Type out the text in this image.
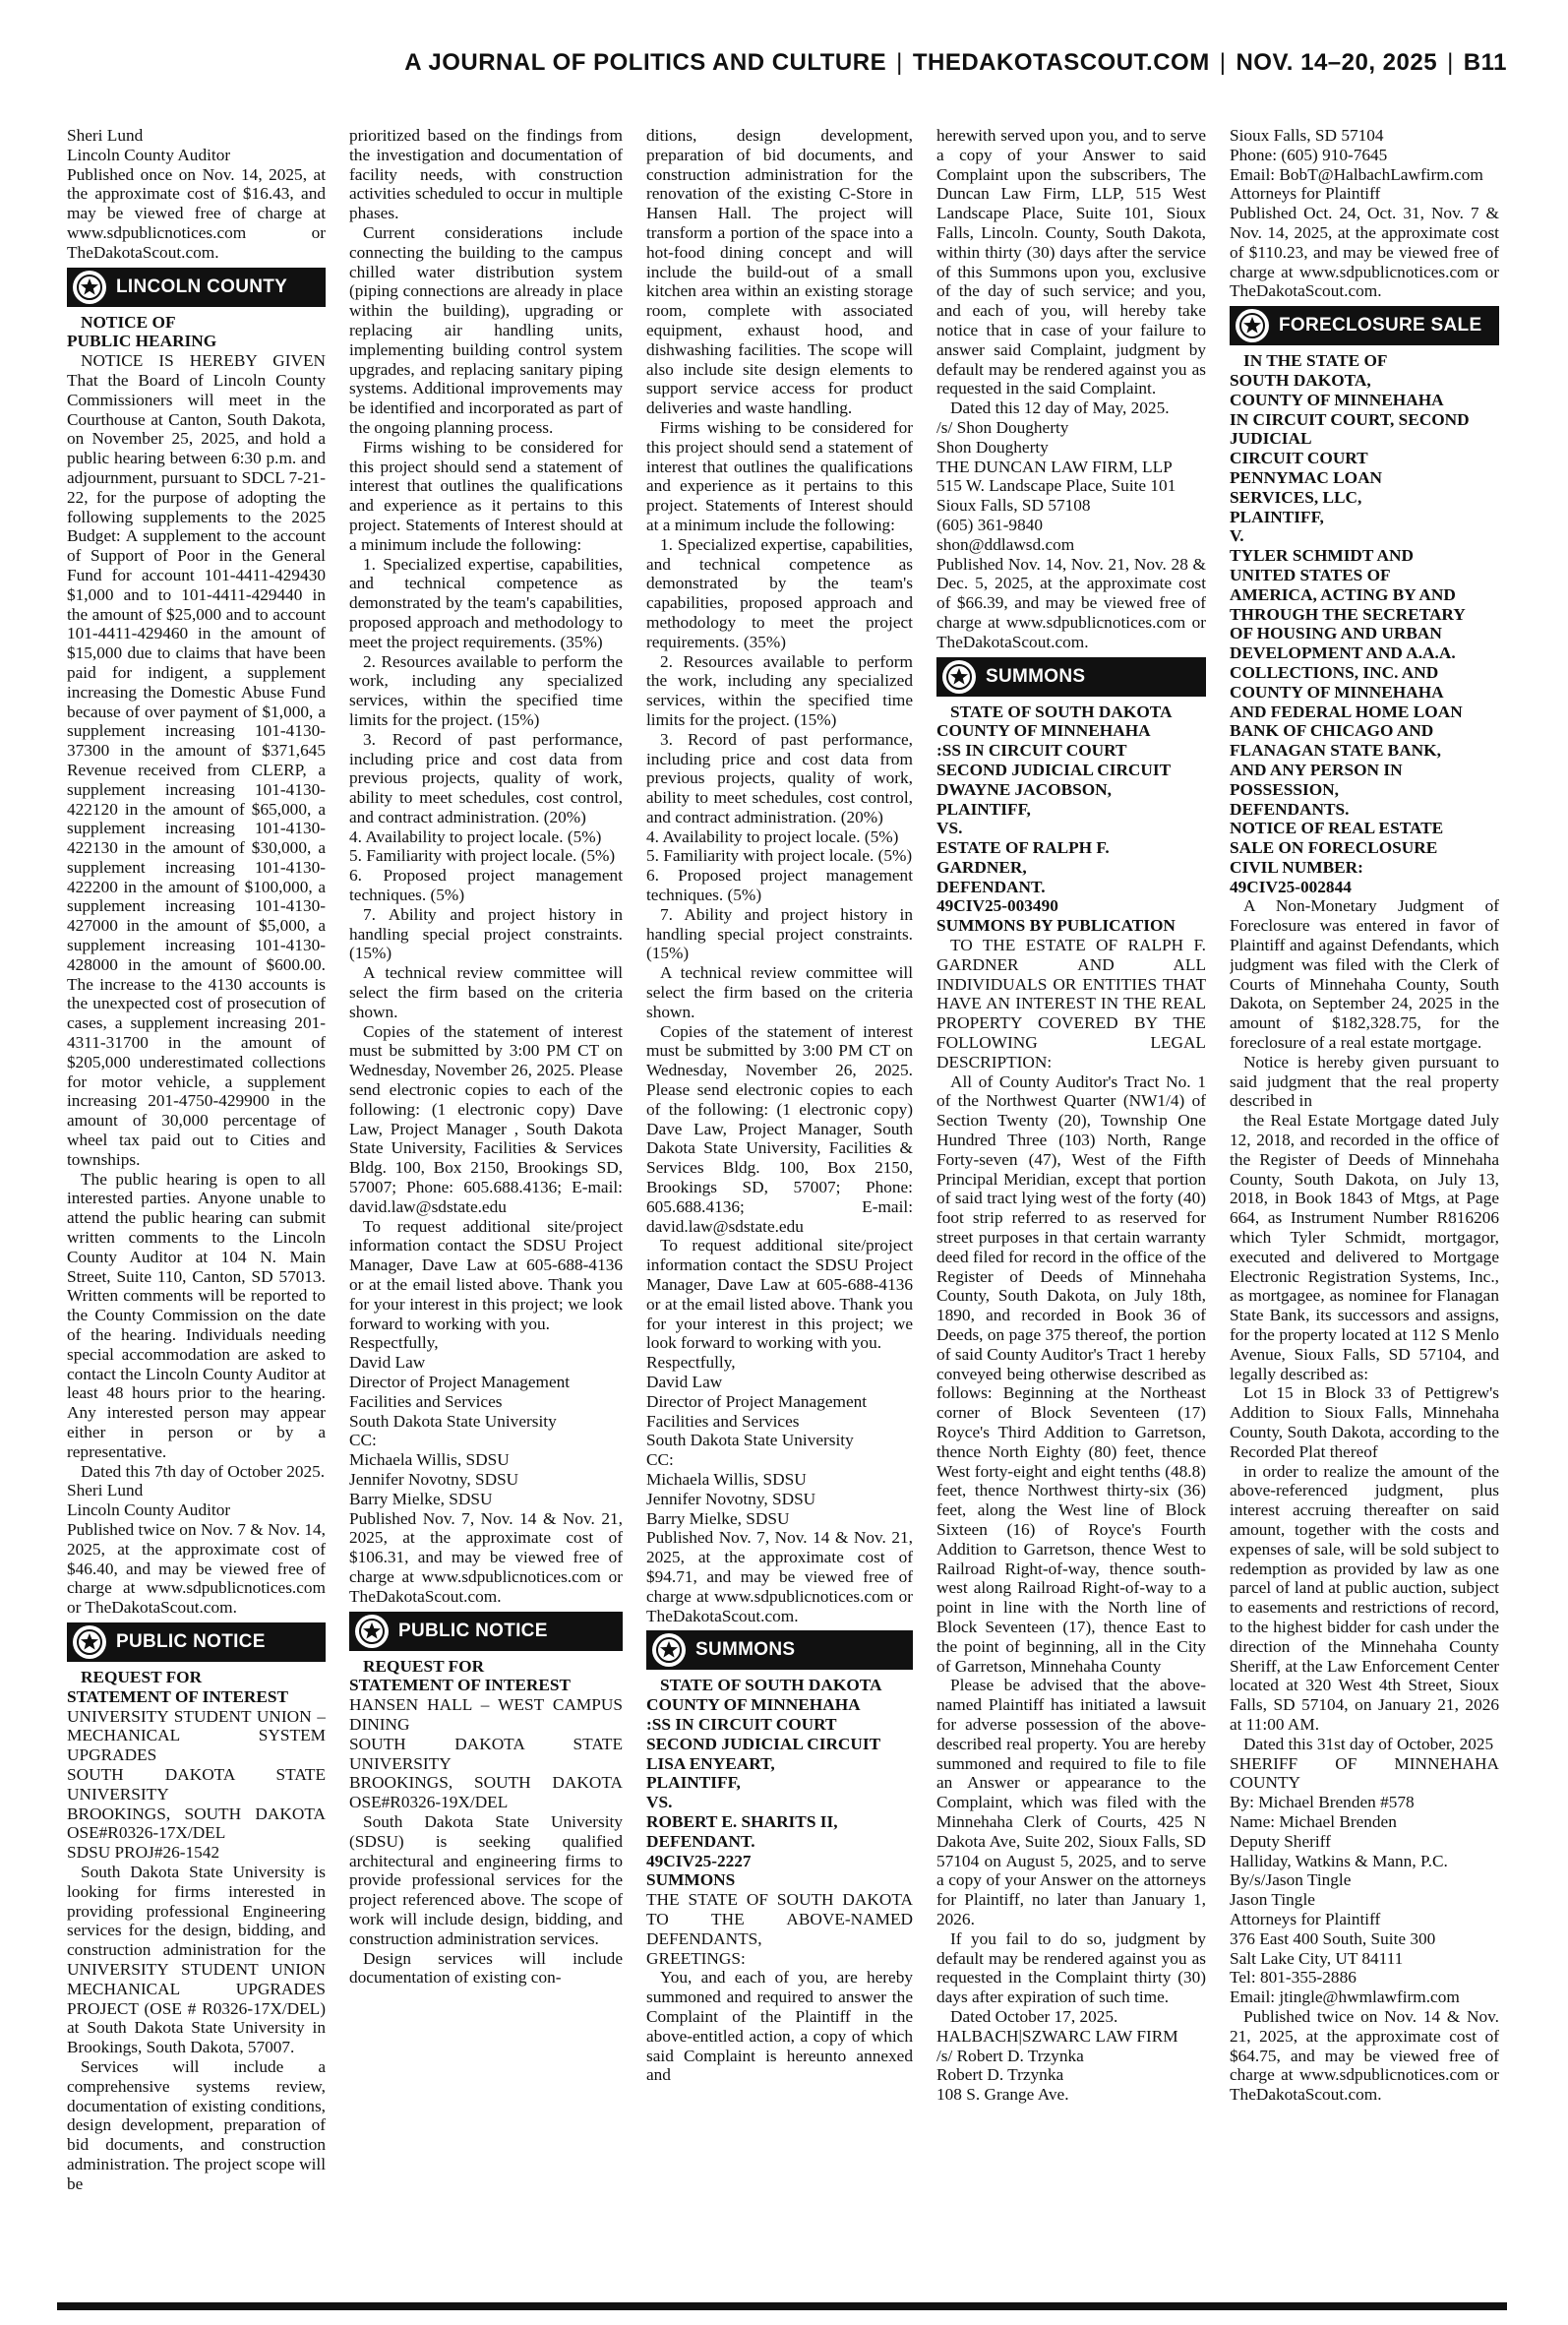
A JOURNAL OF POLITICS AND CULTURE | THEDAKOTASCOUT.COM | NOV. 14–20, 2025 | B11

Sheri Lund

Lincoln County Auditor

Published once on Nov. 14, 2025, at the approximate cost of $16.43, and may be viewed free of charge at www.sdpublicnotices.com or TheDakotaScout.com.

LINCOLN COUNTY

NOTICE OF
PUBLIC HEARING

NOTICE IS HEREBY GIVEN That the Board of Lincoln County Commissioners will meet in the Courthouse at Canton, South Dakota, on November 25, 2025, and hold a public hearing between 6:30 p.m. and adjournment, pursuant to SDCL 7-21-22, for the purpose of adopting the following supplements to the 2025 Budget: A supplement to the account of Support of Poor in the General Fund for account 101-4411-429430 $1,000 and to 101-4411-429440 in the amount of $25,000 and to account 101-4411-429460 in the amount of $15,000 due to claims that have been paid for indigent, a supplement increasing the Domestic Abuse Fund because of over payment of $1,000, a supplement increasing 101-4130-37300 in the amount of $371,645 Revenue received from CLERP, a supplement increasing 101-4130-422120 in the amount of $65,000, a supplement increasing 101-4130-422130 in the amount of $30,000, a supplement increasing 101-4130-422200 in the amount of $100,000, a supplement increasing 101-4130-427000 in the amount of $5,000, a supplement increasing 101-4130-428000 in the amount of $600.00. The increase to the 4130 accounts is the unexpected cost of prosecution of cases, a supplement increasing 201-4311-31700 in the amount of $205,000 underestimated collections for motor vehicle, a supplement increasing 201-4750-429900 in the amount of 30,000 percentage of wheel tax paid out to Cities and townships.

The public hearing is open to all interested parties. Anyone unable to attend the public hearing can submit written comments to the Lincoln County Auditor at 104 N. Main Street, Suite 110, Canton, SD 57013. Written comments will be reported to the County Commission on the date of the hearing. Individuals needing special accommodation are asked to contact the Lincoln County Auditor at least 48 hours prior to the hearing. Any interested person may appear either in person or by a representative.

Dated this 7th day of October 2025.

Sheri Lund

Lincoln County Auditor

Published twice on Nov. 7 & Nov. 14, 2025, at the approximate cost of $46.40, and may be viewed free of charge at www.sdpublicnotices.com or TheDakotaScout.com.

PUBLIC NOTICE

REQUEST FOR
STATEMENT OF INTEREST

UNIVERSITY STUDENT UNION – MECHANICAL SYSTEM UPGRADES

SOUTH DAKOTA STATE UNIVERSITY

BROOKINGS, SOUTH DAKOTA OSE#R0326-17X/DEL

SDSU PROJ#26-1542

South Dakota State University is looking for firms interested in providing professional Engineering services for the design, bidding, and construction administration for the UNIVERSITY STUDENT UNION MECHANICAL UPGRADES PROJECT (OSE # R0326-17X/DEL) at South Dakota State University in Brookings, South Dakota, 57007.

Services will include a comprehensive systems review, documentation of existing conditions, design development, preparation of bid documents, and construction administration. The project scope will be

prioritized based on the findings from the investigation and documentation of facility needs, with construction activities scheduled to occur in multiple phases.

Current considerations include connecting the building to the campus chilled water distribution system (piping connections are already in place within the building), upgrading or replacing air handling units, implementing building control system upgrades, and replacing sanitary piping systems. Additional improvements may be identified and incorporated as part of the ongoing planning process.

Firms wishing to be considered for this project should send a statement of interest that outlines the qualifications and experience as it pertains to this project. Statements of Interest should at a minimum include the following:

1. Specialized expertise, capabilities, and technical competence as demonstrated by the team's capabilities, proposed approach and methodology to meet the project requirements. (35%)

2. Resources available to perform the work, including any specialized services, within the specified time limits for the project. (15%)

3. Record of past performance, including price and cost data from previous projects, quality of work, ability to meet schedules, cost control, and contract administration. (20%)

4. Availability to project locale. (5%)

5. Familiarity with project locale. (5%)

6. Proposed project management techniques. (5%)

7. Ability and project history in handling special project constraints. (15%)

A technical review committee will select the firm based on the criteria shown.

Copies of the statement of interest must be submitted by 3:00 PM CT on Wednesday, November 26, 2025. Please send electronic copies to each of the following: (1 electronic copy) Dave Law, Project Manager , South Dakota State University, Facilities & Services Bldg. 100, Box 2150, Brookings SD, 57007; Phone: 605.688.4136; E-mail: david.law@sdstate.edu

To request additional site/project information contact the SDSU Project Manager, Dave Law at 605-688-4136 or at the email listed above. Thank you for your interest in this project; we look forward to working with you.

Respectfully,

David Law

Director of Project Management

Facilities and Services

South Dakota State University

CC:

Michaela Willis, SDSU

Jennifer Novotny, SDSU

Barry Mielke, SDSU

Published Nov. 7, Nov. 14 & Nov. 21, 2025, at the approximate cost of $106.31, and may be viewed free of charge at www.sdpublicnotices.com or TheDakotaScout.com.

PUBLIC NOTICE

REQUEST FOR
STATEMENT OF INTEREST

HANSEN HALL – WEST CAMPUS DINING

SOUTH DAKOTA STATE UNIVERSITY

BROOKINGS, SOUTH DAKOTA OSE#R0326-19X/DEL

South Dakota State University (SDSU) is seeking qualified architectural and engineering firms to provide professional services for the project referenced above. The scope of work will include design, bidding, and construction administration services.

Design services will include documentation of existing con-

ditions, design development, preparation of bid documents, and construction administration for the renovation of the existing C-Store in Hansen Hall. The project will transform a portion of the space into a hot-food dining concept and will include the build-out of a small kitchen area within an existing storage room, complete with associated equipment, exhaust hood, and dishwashing facilities. The scope will also include site design elements to support service access for product deliveries and waste handling.

Firms wishing to be considered for this project should send a statement of interest that outlines the qualifications and experience as it pertains to this project. Statements of Interest should at a minimum include the following:

1. Specialized expertise, capabilities, and technical competence as demonstrated by the team's capabilities, proposed approach and methodology to meet the project requirements. (35%)

2. Resources available to perform the work, including any specialized services, within the specified time limits for the project. (15%)

3. Record of past performance, including price and cost data from previous projects, quality of work, ability to meet schedules, cost control, and contract administration. (20%)

4. Availability to project locale. (5%)

5. Familiarity with project locale. (5%)

6. Proposed project management techniques. (5%)

7. Ability and project history in handling special project constraints. (15%)

A technical review committee will select the firm based on the criteria shown.

Copies of the statement of interest must be submitted by 3:00 PM CT on Wednesday, November 26, 2025. Please send electronic copies to each of the following: (1 electronic copy) Dave Law, Project Manager, South Dakota State University, Facilities & Services Bldg. 100, Box 2150, Brookings SD, 57007; Phone: 605.688.4136; E-mail: david.law@sdstate.edu

To request additional site/project information contact the SDSU Project Manager, Dave Law at 605-688-4136 or at the email listed above. Thank you for your interest in this project; we look forward to working with you.

Respectfully,

David Law

Director of Project Management

Facilities and Services

South Dakota State University

CC:

Michaela Willis, SDSU

Jennifer Novotny, SDSU

Barry Mielke, SDSU

Published Nov. 7, Nov. 14 & Nov. 21, 2025, at the approximate cost of $94.71, and may be viewed free of charge at www.sdpublicnotices.com or TheDakotaScout.com.

SUMMONS

STATE OF SOUTH DAKOTA
COUNTY OF MINNEHAHA
:SS IN CIRCUIT COURT
SECOND JUDICIAL CIRCUIT
LISA ENYEART,
PLAINTIFF,
VS.
ROBERT E. SHARITS II,
DEFENDANT.
49CIV25-2227
SUMMONS

THE STATE OF SOUTH DAKOTA TO THE ABOVE-NAMED DEFENDANTS,

GREETINGS:

You, and each of you, are hereby summoned and required to answer the Complaint of the Plaintiff in the above-entitled action, a copy of which said Complaint is hereunto annexed and

herewith served upon you, and to serve a copy of your Answer to said Complaint upon the subscribers, The Duncan Law Firm, LLP, 515 West Landscape Place, Suite 101, Sioux Falls, Lincoln. County, South Dakota, within thirty (30) days after the service of this Summons upon you, exclusive of the day of such service; and you, and each of you, will hereby take notice that in case of your failure to answer said Complaint, judgment by default may be rendered against you as requested in the said Complaint.

Dated this 12 day of May, 2025.

/s/ Shon Dougherty

Shon Dougherty

THE DUNCAN LAW FIRM, LLP

515 W. Landscape Place, Suite 101

Sioux Falls, SD 57108

(605) 361-9840

shon@ddlawsd.com

Published Nov. 14, Nov. 21, Nov. 28 & Dec. 5, 2025, at the approximate cost of $66.39, and may be viewed free of charge at www.sdpublicnotices.com or TheDakotaScout.com.

SUMMONS

STATE OF SOUTH DAKOTA
COUNTY OF MINNEHAHA
:SS IN CIRCUIT COURT
SECOND JUDICIAL CIRCUIT
DWAYNE JACOBSON,
PLAINTIFF,
VS.
ESTATE OF RALPH F.
GARDNER,
DEFENDANT.
49CIV25-003490
SUMMONS BY PUBLICATION

TO THE ESTATE OF RALPH F. GARDNER AND ALL INDIVIDUALS OR ENTITIES THAT HAVE AN INTEREST IN THE REAL PROPERTY COVERED BY THE FOLLOWING LEGAL DESCRIPTION:

All of County Auditor's Tract No. 1 of the Northwest Quarter (NW1/4) of Section Twenty (20), Township One Hundred Three (103) North, Range Forty-seven (47), West of the Fifth Principal Meridian, except that portion of said tract lying west of the forty (40) foot strip referred to as reserved for street purposes in that certain warranty deed filed for record in the office of the Register of Deeds of Minnehaha County, South Dakota, on July 18th, 1890, and recorded in Book 36 of Deeds, on page 375 thereof, the portion of said County Auditor's Tract 1 hereby conveyed being otherwise described as follows: Beginning at the Northeast corner of Block Seventeen (17) Royce's Third Addition to Garretson, thence North Eighty (80) feet, thence West forty-eight and eight tenths (48.8) feet, thence Northwest thirty-six (36) feet, along the West line of Block Sixteen (16) of Royce's Fourth Addition to Garretson, thence West to Railroad Right-of-way, thence south-west along Railroad Right-of-way to a point in line with the North line of Block Seventeen (17), thence East to the point of beginning, all in the City of Garretson, Minnehaha County

Please be advised that the above-named Plaintiff has initiated a lawsuit for adverse possession of the above-described real property. You are hereby summoned and required to file to file an Answer or appearance to the Complaint, which was filed with the Minnehaha Clerk of Courts, 425 N Dakota Ave, Suite 202, Sioux Falls, SD 57104 on August 5, 2025, and to serve a copy of your Answer on the attorneys for Plaintiff, no later than January 1, 2026.

If you fail to do so, judgment by default may be rendered against you as requested in the Complaint thirty (30) days after expiration of such time.

Dated October 17, 2025.

HALBACH|SZWARC LAW FIRM

/s/ Robert D. Trzynka

Robert D. Trzynka

108 S. Grange Ave.

Sioux Falls, SD 57104

Phone: (605) 910-7645

Email: BobT@HalbachLawfirm.com

Attorneys for Plaintiff

Published Oct. 24, Oct. 31, Nov. 7 & Nov. 14, 2025, at the approximate cost of $110.23, and may be viewed free of charge at www.sdpublicnotices.com or TheDakotaScout.com.

FORECLOSURE SALE

IN THE STATE OF
SOUTH DAKOTA,
COUNTY OF MINNEHAHA
IN CIRCUIT COURT, SECOND
JUDICIAL
CIRCUIT COURT
PENNYMAC LOAN
SERVICES, LLC,
PLAINTIFF,
V.
TYLER SCHMIDT AND
UNITED STATES OF
AMERICA, ACTING BY AND
THROUGH THE SECRETARY
OF HOUSING AND URBAN
DEVELOPMENT AND A.A.A.
COLLECTIONS, INC. AND
COUNTY OF MINNEHAHA
AND FEDERAL HOME LOAN
BANK OF CHICAGO AND
FLANAGAN STATE BANK,
AND ANY PERSON IN
POSSESSION,
DEFENDANTS.
NOTICE OF REAL ESTATE
SALE ON FORECLOSURE
CIVIL NUMBER:
49CIV25-002844

A Non-Monetary Judgment of Foreclosure was entered in favor of Plaintiff and against Defendants, which judgment was filed with the Clerk of Courts of Minnehaha County, South Dakota, on September 24, 2025 in the amount of $182,328.75, for the foreclosure of a real estate mortgage.

Notice is hereby given pursuant to said judgment that the real property described in

the Real Estate Mortgage dated July 12, 2018, and recorded in the office of the Register of Deeds of Minnehaha County, South Dakota, on July 13, 2018, in Book 1843 of Mtgs, at Page 664, as Instrument Number R816206 which Tyler Schmidt, mortgagor, executed and delivered to Mortgage Electronic Registration Systems, Inc., as mortgagee, as nominee for Flanagan State Bank, its successors and assigns, for the property located at 112 S Menlo Avenue, Sioux Falls, SD 57104, and legally described as:

Lot 15 in Block 33 of Pettigrew's Addition to Sioux Falls, Minnehaha County, South Dakota, according to the Recorded Plat thereof

in order to realize the amount of the above-referenced judgment, plus interest accruing thereafter on said amount, together with the costs and expenses of sale, will be sold subject to redemption as provided by law as one parcel of land at public auction, subject to easements and restrictions of record, to the highest bidder for cash under the direction of the Minnehaha County Sheriff, at the Law Enforcement Center located at 320 West 4th Street, Sioux Falls, SD 57104, on January 21, 2026 at 11:00 AM.

Dated this 31st day of October, 2025

SHERIFF OF MINNEHAHA COUNTY

By: Michael Brenden #578

Name: Michael Brenden

Deputy Sheriff

Halliday, Watkins & Mann, P.C.

By/s/Jason Tingle

Jason Tingle

Attorneys for Plaintiff

376 East 400 South, Suite 300

Salt Lake City, UT 84111

Tel: 801-355-2886

Email: jtingle@hwmlawfirm.com

Published twice on Nov. 14 & Nov. 21, 2025, at the approximate cost of $64.75, and may be viewed free of charge at www.sdpublicnotices.com or TheDakotaScout.com.
